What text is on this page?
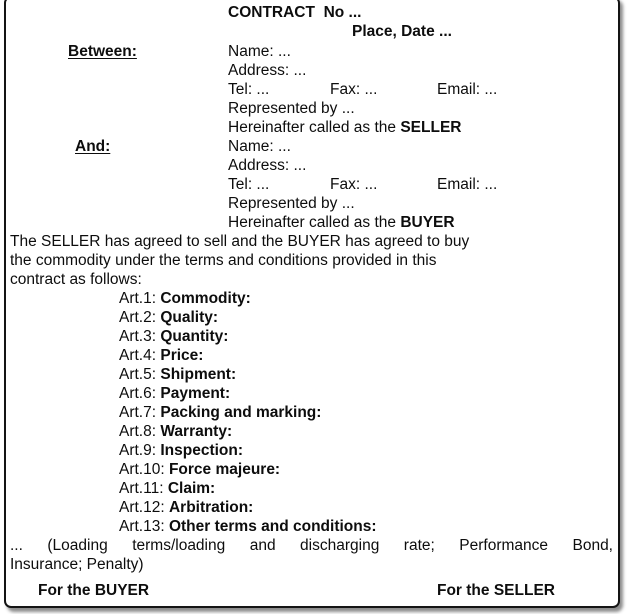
CONTRACT  No ...
Place, Date ...
Between:	Name: ...
Address: ...
Tel: ...	Fax: ...	Email: ...
Represented by ...
Hereinafter called as the SELLER
And:	Name: ...
Address: ...
Tel: ...	Fax: ...	Email: ...
Represented by ...
Hereinafter called as the BUYER
The SELLER has agreed to sell and the BUYER has agreed to buy
the commodity under the terms and conditions provided in this
contract as follows:
Art.1: Commodity:
Art.2: Quality:
Art.3: Quantity:
Art.4: Price:
Art.5: Shipment:
Art.6: Payment:
Art.7: Packing and marking:
Art.8: Warranty:
Art.9: Inspection:
Art.10: Force majeure:
Art.11: Claim:
Art.12: Arbitration:
Art.13: Other terms and conditions:
... (Loading terms/loading and discharging rate; Performance Bond,
Insurance; Penalty)
For the BUYER	For the SELLER
